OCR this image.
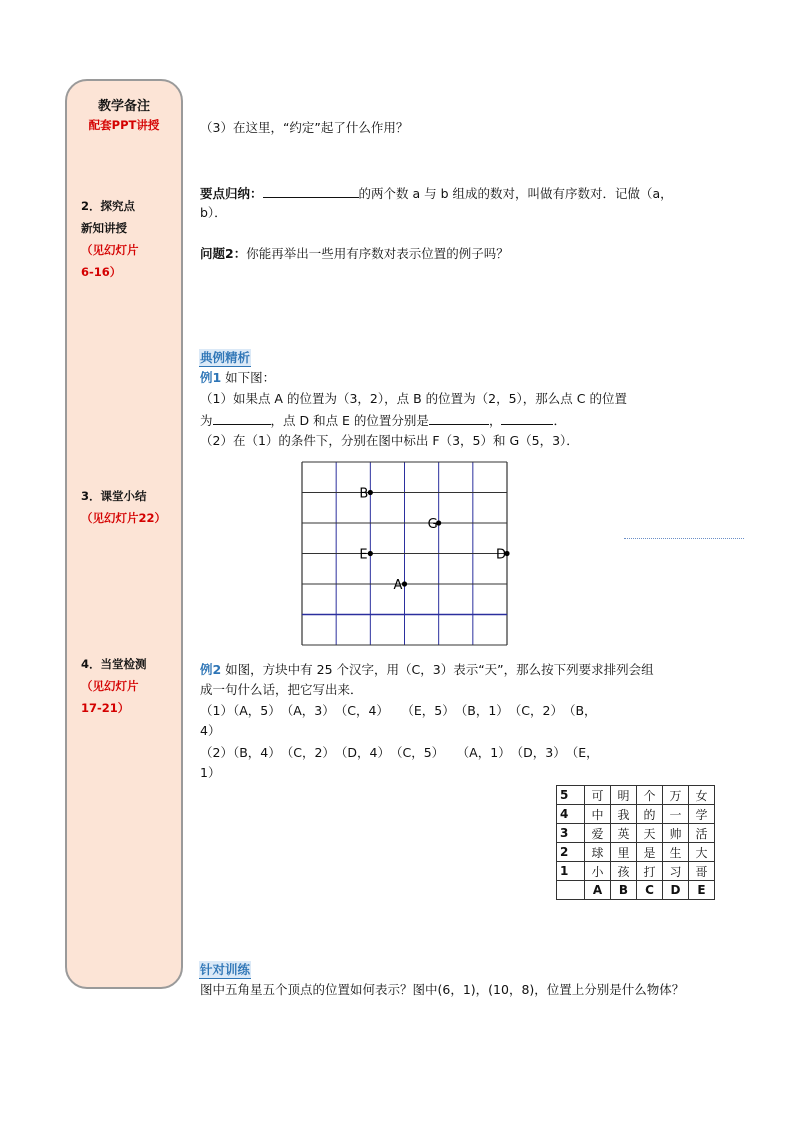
教学备注
配套PPT讲授
2．探究点
新知讲授
（见幻灯片
6-16）
3．课堂小结
（见幻灯片22）
4．当堂检测
（见幻灯片
17-21）
（3）在这里，“约定”起了什么作用？
要点归纳：	的两个数 a 与 b 组成的数对，叫做有序数对．记做（a，
b）．
问题2：你能再举出一些用有序数对表示位置的例子吗？
典例精析
例1 如下图：
（1）如果点 A 的位置为（3，2），点 B 的位置为（2，5），那么点 C 的位置
为	，点 D 和点 E 的位置分别是	，	．
（2）在（1）的条件下，分别在图中标出 F（3，5）和 G（5，3）．
B
G
E	D
A
例2 如图，方块中有 25 个汉字，用（C，3）表示“天”，那么按下列要求排列会组
成一句什么话，把它写出来．
（1）（A，5）　（A，3）　（C，4）　　（E，5）　（B，1）　（C，2）　（B，
4）
（2）（B，4）　（C，2）　（D，4）　（C，5）　　（A，1）　（D，3）　（E，
1）
5	可	明	个	万	女
4	中	我	的	一	学
3	爱	英	天	帅	活
2	球	里	是	生	大
1	小	孩	打	习	哥
	A	B	C	D	E
针对训练
图中五角星五个顶点的位置如何表示？图中(6，1)，(10，8)，位置上分别是什么物体？
